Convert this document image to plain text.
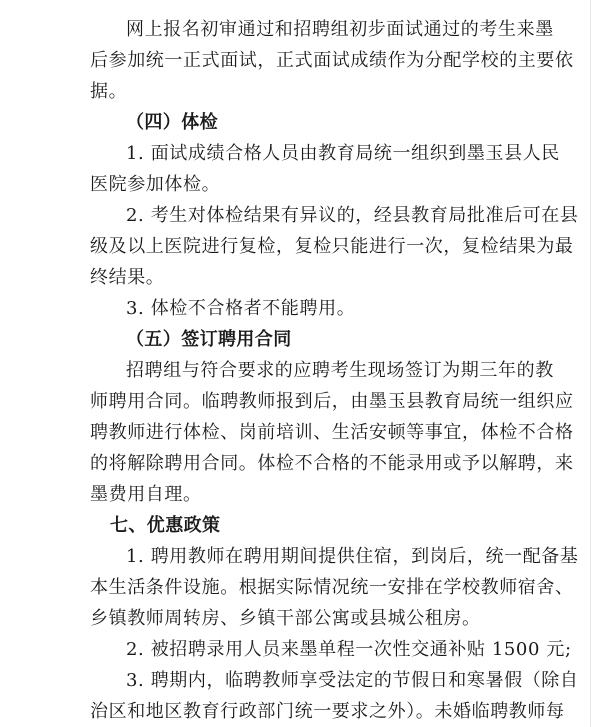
网上报名初审通过和招聘组初步面试通过的考生来墨
后参加统一正式面试，正式面试成绩作为分配学校的主要依
据。
（四）体检
1. 面试成绩合格人员由教育局统一组织到墨玉县人民
医院参加体检。
2. 考生对体检结果有异议的，经县教育局批准后可在县
级及以上医院进行复检，复检只能进行一次，复检结果为最
终结果。
3. 体检不合格者不能聘用。
（五）签订聘用合同
招聘组与符合要求的应聘考生现场签订为期三年的教
师聘用合同。临聘教师报到后，由墨玉县教育局统一组织应
聘教师进行体检、岗前培训、生活安顿等事宜，体检不合格
的将解除聘用合同。体检不合格的不能录用或予以解聘，来
墨费用自理。
七、优惠政策
1. 聘用教师在聘用期间提供住宿，到岗后，统一配备基
本生活条件设施。根据实际情况统一安排在学校教师宿舍、
乡镇教师周转房、乡镇干部公寓或县城公租房。
2. 被招聘录用人员来墨单程一次性交通补贴 1500 元;
3. 聘期内，临聘教师享受法定的节假日和寒暑假（除自
治区和地区教育行政部门统一要求之外）。未婚临聘教师每
